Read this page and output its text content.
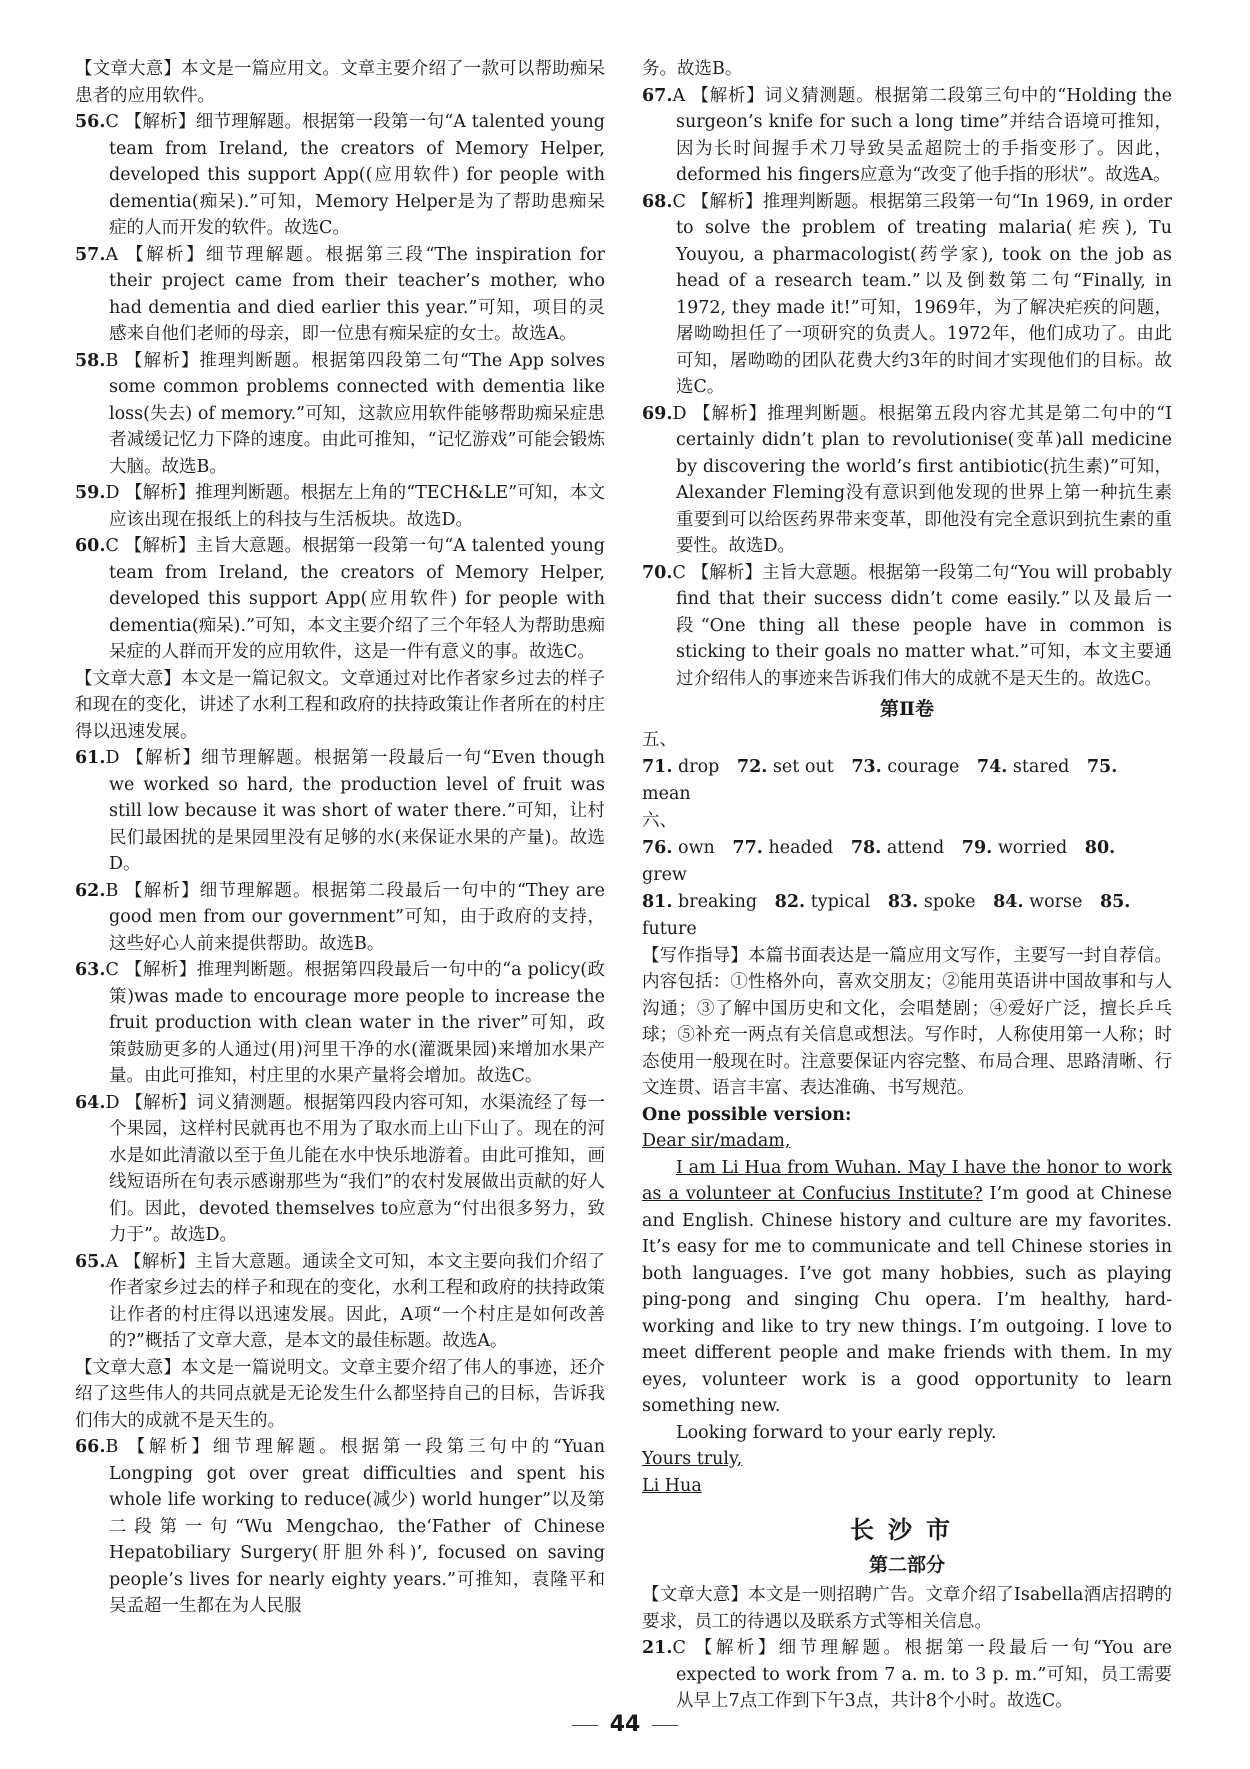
【文章大意】本文是一篇应用文。文章主要介绍了一款可以帮助痴呆患者的应用软件。

56.C 【解析】细节理解题。根据第一段第一句“A talented young team from Ireland, the creators of Memory Helper, developed this support App((应用软件) for people with dementia(痴呆).”可知，Memory Helper是为了帮助患痴呆症的人而开发的软件。故选C。

57.A 【解析】细节理解题。根据第三段“The inspiration for their project came from their teacher’s mother, who had dementia and died earlier this year.”可知，项目的灵感来自他们老师的母亲，即一位患有痴呆症的女士。故选A。

58.B 【解析】推理判断题。根据第四段第二句“The App solves some common problems connected with dementia like loss(失去) of memory.”可知，这款应用软件能够帮助痴呆症患者减缓记忆力下降的速度。由此可推知，“记忆游戏”可能会锻炼大脑。故选B。

59.D 【解析】推理判断题。根据左上角的“TECH&LE”可知，本文应该出现在报纸上的科技与生活板块。故选D。

60.C 【解析】主旨大意题。根据第一段第一句“A talented young team from Ireland, the creators of Memory Helper, developed this support App(应用软件) for people with dementia(痴呆).”可知，本文主要介绍了三个年轻人为帮助患痴呆症的人群而开发的应用软件，这是一件有意义的事。故选C。

【文章大意】本文是一篇记叙文。文章通过对比作者家乡过去的样子和现在的变化，讲述了水利工程和政府的扶持政策让作者所在的村庄得以迅速发展。

61.D 【解析】细节理解题。根据第一段最后一句“Even though we worked so hard, the production level of fruit was still low because it was short of water there.”可知，让村民们最困扰的是果园里没有足够的水(来保证水果的产量)。故选D。

62.B 【解析】细节理解题。根据第二段最后一句中的“They are good men from our government”可知，由于政府的支持，这些好心人前来提供帮助。故选B。

63.C 【解析】推理判断题。根据第四段最后一句中的“a policy(政策)was made to encourage more people to increase the fruit production with clean water in the river”可知，政策鼓励更多的人通过(用)河里干净的水(灌溉果园)来增加水果产量。由此可推知，村庄里的水果产量将会增加。故选C。

64.D 【解析】词义猜测题。根据第四段内容可知，水渠流经了每一个果园，这样村民就再也不用为了取水而上山下山了。现在的河水是如此清澈以至于鱼儿能在水中快乐地游着。由此可推知，画线短语所在句表示感谢那些为“我们”的农村发展做出贡献的好人们。因此，devoted themselves to应意为“付出很多努力，致力于”。故选D。

65.A 【解析】主旨大意题。通读全文可知，本文主要向我们介绍了作者家乡过去的样子和现在的变化，水利工程和政府的扶持政策让作者的村庄得以迅速发展。因此，A项“一个村庄是如何改善的?”概括了文章大意，是本文的最佳标题。故选A。

【文章大意】本文是一篇说明文。文章主要介绍了伟人的事迹，还介绍了这些伟人的共同点就是无论发生什么都坚持自己的目标，告诉我们伟大的成就不是天生的。

66.B 【解析】细节理解题。根据第一段第三句中的“Yuan Longping got over great difficulties and spent his whole life working to reduce(减少) world hunger”以及第二段第一句“Wu Mengchao, the‘Father of Chinese Hepatobiliary Surgery(肝胆外科)’, focused on saving people’s lives for nearly eighty years.”可推知，袁隆平和吴孟超一生都在为人民服

务。故选B。

67.A 【解析】词义猜测题。根据第二段第三句中的“Holding the surgeon’s knife for such a long time”并结合语境可推知，因为长时间握手术刀导致吴孟超院士的手指变形了。因此，deformed his fingers应意为“改变了他手指的形状”。故选A。

68.C 【解析】推理判断题。根据第三段第一句“In 1969, in order to solve the problem of treating malaria(疟疾), Tu Youyou, a pharmacologist(药学家), took on the job as head of a research team.”以及倒数第二句“Finally, in 1972, they made it!”可知，1969年，为了解决疟疾的问题，屠呦呦担任了一项研究的负责人。1972年，他们成功了。由此可知，屠呦呦的团队花费大约3年的时间才实现他们的目标。故选C。

69.D 【解析】推理判断题。根据第五段内容尤其是第二句中的“I certainly didn’t plan to revolutionise(变革)all medicine by discovering the world’s first antibiotic(抗生素)”可知，Alexander Fleming没有意识到他发现的世界上第一种抗生素重要到可以给医药界带来变革，即他没有完全意识到抗生素的重要性。故选D。

70.C 【解析】主旨大意题。根据第一段第二句“You will probably find that their success didn’t come easily.”以及最后一段“One thing all these people have in common is sticking to their goals no matter what.”可知，本文主要通过介绍伟人的事迹来告诉我们伟大的成就不是天生的。故选C。

第Ⅱ卷

五、

71. drop 72. set out 73. courage 74. stared 75. mean

六、

76. own 77. headed 78. attend 79. worried 80. grew

81. breaking 82. typical 83. spoke 84. worse 85. future

【写作指导】本篇书面表达是一篇应用文写作，主要写一封自荐信。内容包括：①性格外向，喜欢交朋友；②能用英语讲中国故事和与人沟通；③了解中国历史和文化，会唱楚剧；④爱好广泛，擅长乒乓球；⑤补充一两点有关信息或想法。写作时，人称使用第一人称；时态使用一般现在时。注意要保证内容完整、布局合理、思路清晰、行文连贯、语言丰富、表达准确、书写规范。

One possible version:

Dear sir/madam,

I am Li Hua from Wuhan. May I have the honor to work as a volunteer at Confucius Institute? I’m good at Chinese and English. Chinese history and culture are my favorites. It’s easy for me to communicate and tell Chinese stories in both languages. I’ve got many hobbies, such as playing ping-pong and singing Chu opera. I’m healthy, hard-working and like to try new things. I’m outgoing. I love to meet different people and make friends with them. In my eyes, volunteer work is a good opportunity to learn something new.

Looking forward to your early reply.

Yours truly,

Li Hua

长沙市

第二部分

【文章大意】本文是一则招聘广告。文章介绍了Isabella酒店招聘的要求，员工的待遇以及联系方式等相关信息。

21.C 【解析】细节理解题。根据第一段最后一句“You are expected to work from 7 a. m. to 3 p. m.”可知，员工需要从早上7点工作到下午3点，共计8个小时。故选C。

44
